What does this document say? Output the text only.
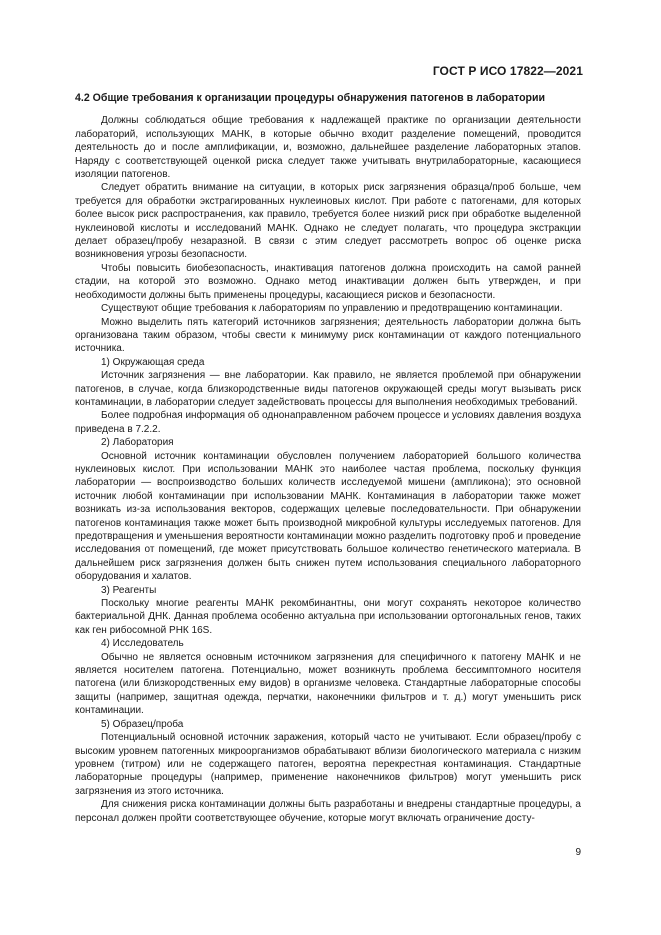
ГОСТ Р ИСО 17822—2021
4.2 Общие требования к организации процедуры обнаружения патогенов в лаборатории

Должны соблюдаться общие требования к надлежащей практике по организации деятельности лабораторий, использующих МАНК, в которые обычно входит разделение помещений, проводится деятельность до и после амплификации, и, возможно, дальнейшее разделение лабораторных этапов. Наряду с соответствующей оценкой риска следует также учитывать внутрилабораторные, касающиеся изоляции патогенов.

Следует обратить внимание на ситуации, в которых риск загрязнения образца/проб больше, чем требуется для обработки экстрагированных нуклеиновых кислот. При работе с патогенами, для которых более высок риск распространения, как правило, требуется более низкий риск при обработке выделенной нуклеиновой кислоты и исследований МАНК. Однако не следует полагать, что процедура экстракции делает образец/пробу незаразной. В связи с этим следует рассмотреть вопрос об оценке риска возникновения угрозы безопасности.

Чтобы повысить биобезопасность, инактивация патогенов должна происходить на самой ранней стадии, на которой это возможно. Однако метод инактивации должен быть утвержден, и при необходимости должны быть применены процедуры, касающиеся рисков и безопасности.

Существуют общие требования к лабораториям по управлению и предотвращению контаминации.

Можно выделить пять категорий источников загрязнения; деятельность лаборатории должна быть организована таким образом, чтобы свести к минимуму риск контаминации от каждого потенциального источника.

1) Окружающая среда

Источник загрязнения — вне лаборатории. Как правило, не является проблемой при обнаружении патогенов, в случае, когда близкородственные виды патогенов окружающей среды могут вызывать риск контаминации, в лаборатории следует задействовать процессы для выполнения необходимых требований.

Более подробная информация об однонаправленном рабочем процессе и условиях давления воздуха приведена в 7.2.2.

2) Лаборатория

Основной источник контаминации обусловлен получением лабораторией большого количества нуклеиновых кислот. При использовании МАНК это наиболее частая проблема, поскольку функция лаборатории — воспроизводство больших количеств исследуемой мишени (ампликона); это основной источник любой контаминации при использовании МАНК. Контаминация в лаборатории также может возникать из-за использования векторов, содержащих целевые последовательности. При обнаружении патогенов контаминация также может быть производной микробной культуры исследуемых патогенов. Для предотвращения и уменьшения вероятности контаминации можно разделить подготовку проб и проведение исследования от помещений, где может присутствовать большое количество генетического материала. В дальнейшем риск загрязнения должен быть снижен путем использования специального лабораторного оборудования и халатов.

3) Реагенты

Поскольку многие реагенты МАНК рекомбинантны, они могут сохранять некоторое количество бактериальной ДНК. Данная проблема особенно актуальна при использовании ортогональных генов, таких как ген рибосомной РНК 16S.

4) Исследователь

Обычно не является основным источником загрязнения для специфичного к патогену МАНК и не является носителем патогена. Потенциально, может возникнуть проблема бессимптомного носителя патогена (или близкородственных ему видов) в организме человека. Стандартные лабораторные способы защиты (например, защитная одежда, перчатки, наконечники фильтров и т. д.) могут уменьшить риск контаминации.

5) Образец/проба

Потенциальный основной источник заражения, который часто не учитывают. Если образец/пробу с высоким уровнем патогенных микроорганизмов обрабатывают вблизи биологического материала с низким уровнем (титром) или не содержащего патоген, вероятна перекрестная контаминация. Стандартные лабораторные процедуры (например, применение наконечников фильтров) могут уменьшить риск загрязнения из этого источника.

Для снижения риска контаминации должны быть разработаны и внедрены стандартные процедуры, а персонал должен пройти соответствующее обучение, которые могут включать ограничение досту-

9
